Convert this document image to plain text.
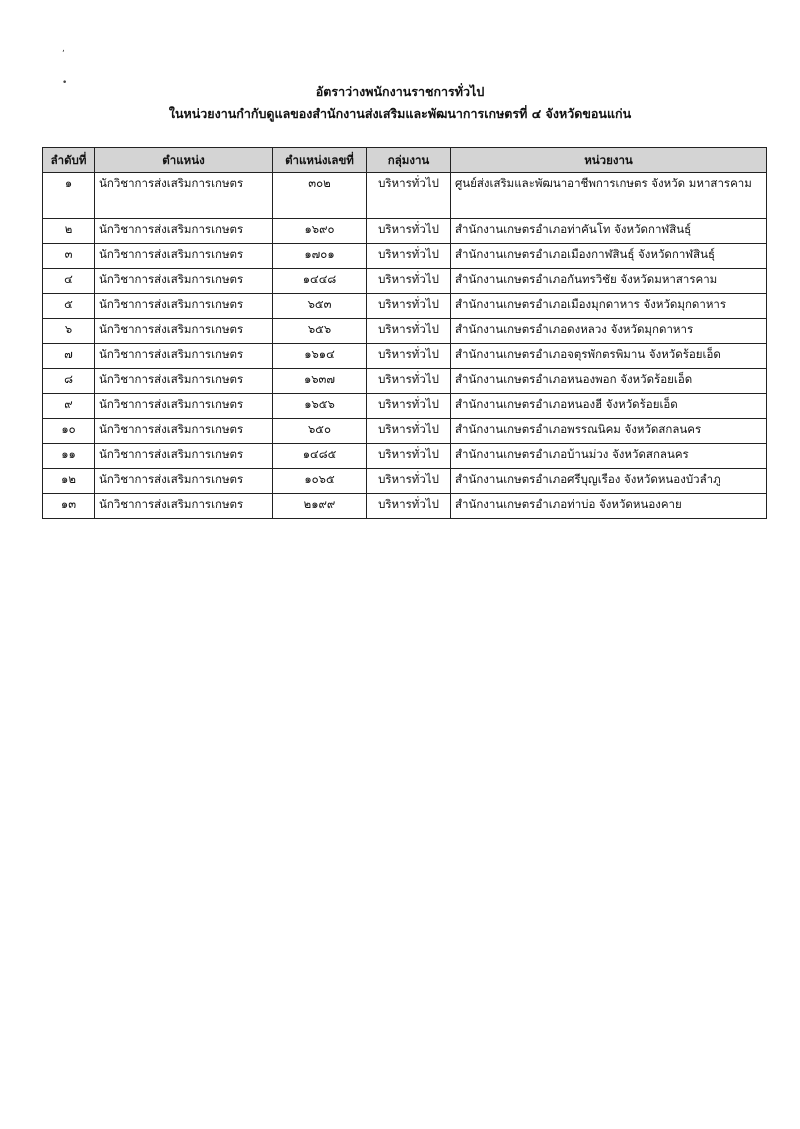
,
•
อัตราว่างพนักงานราชการทั่วไป
ในหน่วยงานกำกับดูแลของสำนักงานส่งเสริมและพัฒนาการเกษตรที่ ๔ จังหวัดขอนแก่น
ลำดับที่	ตำแหน่ง	ตำแหน่งเลขที่	กลุ่มงาน	หน่วยงาน
๑	นักวิชาการส่งเสริมการเกษตร	๓๐๒	บริหารทั่วไป	ศูนย์ส่งเสริมและพัฒนาอาชีพการเกษตร จังหวัด มหาสารคาม
๒	นักวิชาการส่งเสริมการเกษตร	๑๖๙๐	บริหารทั่วไป	สำนักงานเกษตรอำเภอท่าคันโท จังหวัดกาฬสินธุ์
๓	นักวิชาการส่งเสริมการเกษตร	๑๗๐๑	บริหารทั่วไป	สำนักงานเกษตรอำเภอเมืองกาฬสินธุ์ จังหวัดกาฬสินธุ์
๔	นักวิชาการส่งเสริมการเกษตร	๑๔๔๘	บริหารทั่วไป	สำนักงานเกษตรอำเภอกันทรวิชัย จังหวัดมหาสารคาม
๕	นักวิชาการส่งเสริมการเกษตร	๖๕๓	บริหารทั่วไป	สำนักงานเกษตรอำเภอเมืองมุกดาหาร จังหวัดมุกดาหาร
๖	นักวิชาการส่งเสริมการเกษตร	๖๕๖	บริหารทั่วไป	สำนักงานเกษตรอำเภอดงหลวง จังหวัดมุกดาหาร
๗	นักวิชาการส่งเสริมการเกษตร	๑๖๑๔	บริหารทั่วไป	สำนักงานเกษตรอำเภอจตุรพักตรพิมาน จังหวัดร้อยเอ็ด
๘	นักวิชาการส่งเสริมการเกษตร	๑๖๓๗	บริหารทั่วไป	สำนักงานเกษตรอำเภอหนองพอก จังหวัดร้อยเอ็ด
๙	นักวิชาการส่งเสริมการเกษตร	๑๖๕๖	บริหารทั่วไป	สำนักงานเกษตรอำเภอหนองฮี จังหวัดร้อยเอ็ด
๑๐	นักวิชาการส่งเสริมการเกษตร	๖๕๐	บริหารทั่วไป	สำนักงานเกษตรอำเภอพรรณนิคม จังหวัดสกลนคร
๑๑	นักวิชาการส่งเสริมการเกษตร	๑๔๘๕	บริหารทั่วไป	สำนักงานเกษตรอำเภอบ้านม่วง จังหวัดสกลนคร
๑๒	นักวิชาการส่งเสริมการเกษตร	๑๐๖๕	บริหารทั่วไป	สำนักงานเกษตรอำเภอศรีบุญเรือง จังหวัดหนองบัวลำภู
๑๓	นักวิชาการส่งเสริมการเกษตร	๒๑๙๙	บริหารทั่วไป	สำนักงานเกษตรอำเภอท่าบ่อ จังหวัดหนองคาย
